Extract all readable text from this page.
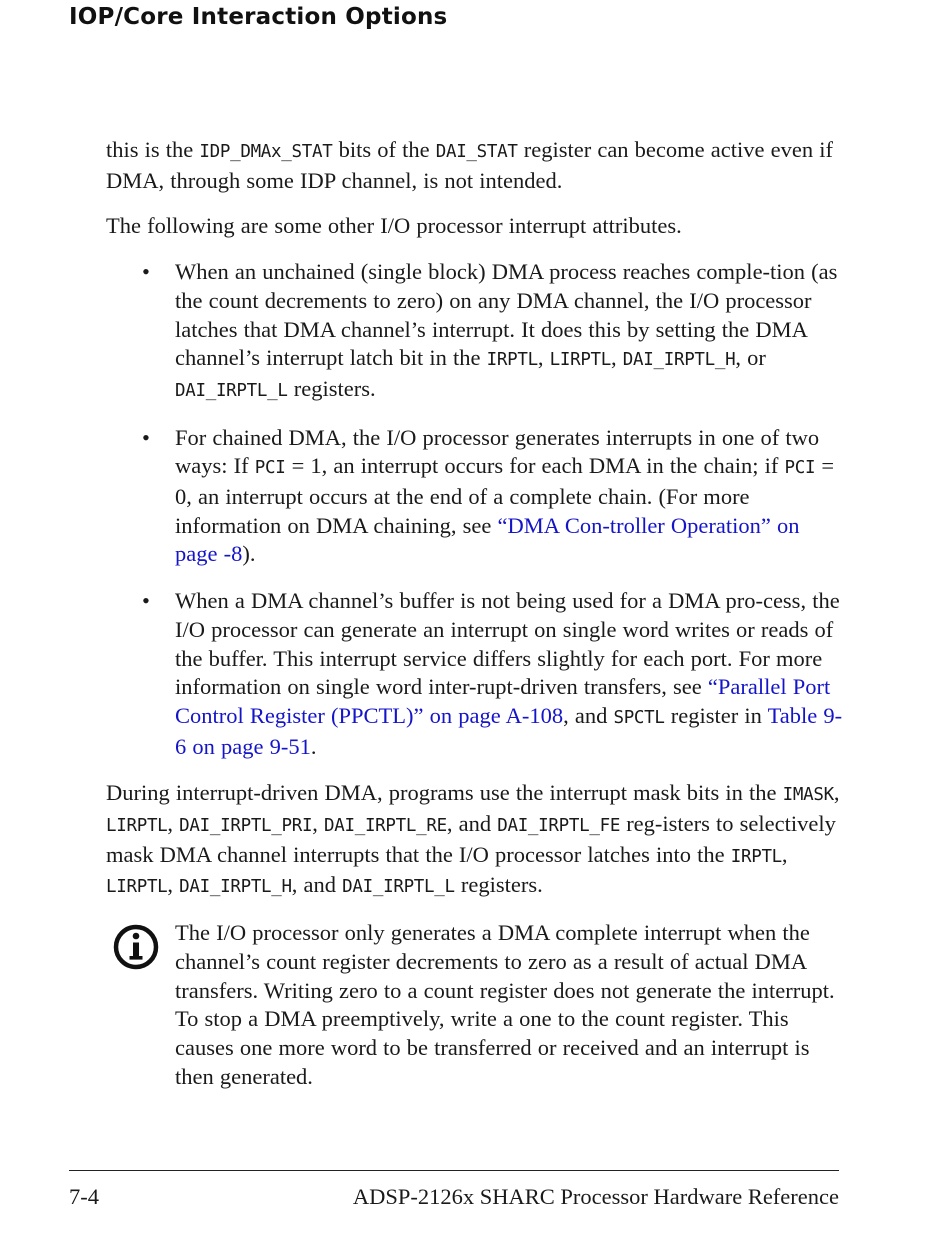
IOP/Core Interaction Options

this is the IDP_DMAx_STAT bits of the DAI_STAT register can become active even if DMA, through some IDP channel, is not intended.

The following are some other I/O processor interrupt attributes.

• When an unchained (single block) DMA process reaches comple-tion (as the count decrements to zero) on any DMA channel, the I/O processor latches that DMA channel’s interrupt. It does this by setting the DMA channel’s interrupt latch bit in the IRPTL, LIRPTL, DAI_IRPTL_H, or DAI_IRPTL_L registers.
• For chained DMA, the I/O processor generates interrupts in one of two ways: If PCI = 1, an interrupt occurs for each DMA in the chain; if PCI = 0, an interrupt occurs at the end of a complete chain. (For more information on DMA chaining, see “DMA Con-troller Operation” on page -8).
• When a DMA channel’s buffer is not being used for a DMA pro-cess, the I/O processor can generate an interrupt on single word writes or reads of the buffer. This interrupt service differs slightly for each port. For more information on single word inter-rupt-driven transfers, see “Parallel Port Control Register (PPCTL)” on page A-108, and SPCTL register in Table 9-6 on page 9-51.

During interrupt-driven DMA, programs use the interrupt mask bits in the IMASK, LIRPTL, DAI_IRPTL_PRI, DAI_IRPTL_RE, and DAI_IRPTL_FE reg-isters to selectively mask DMA channel interrupts that the I/O processor latches into the IRPTL, LIRPTL, DAI_IRPTL_H, and DAI_IRPTL_L registers.

The I/O processor only generates a DMA complete interrupt when the channel’s count register decrements to zero as a result of actual DMA transfers. Writing zero to a count register does not generate the interrupt. To stop a DMA preemptively, write a one to the count register. This causes one more word to be transferred or received and an interrupt is then generated.

7-4	ADSP-2126x SHARC Processor Hardware Reference
